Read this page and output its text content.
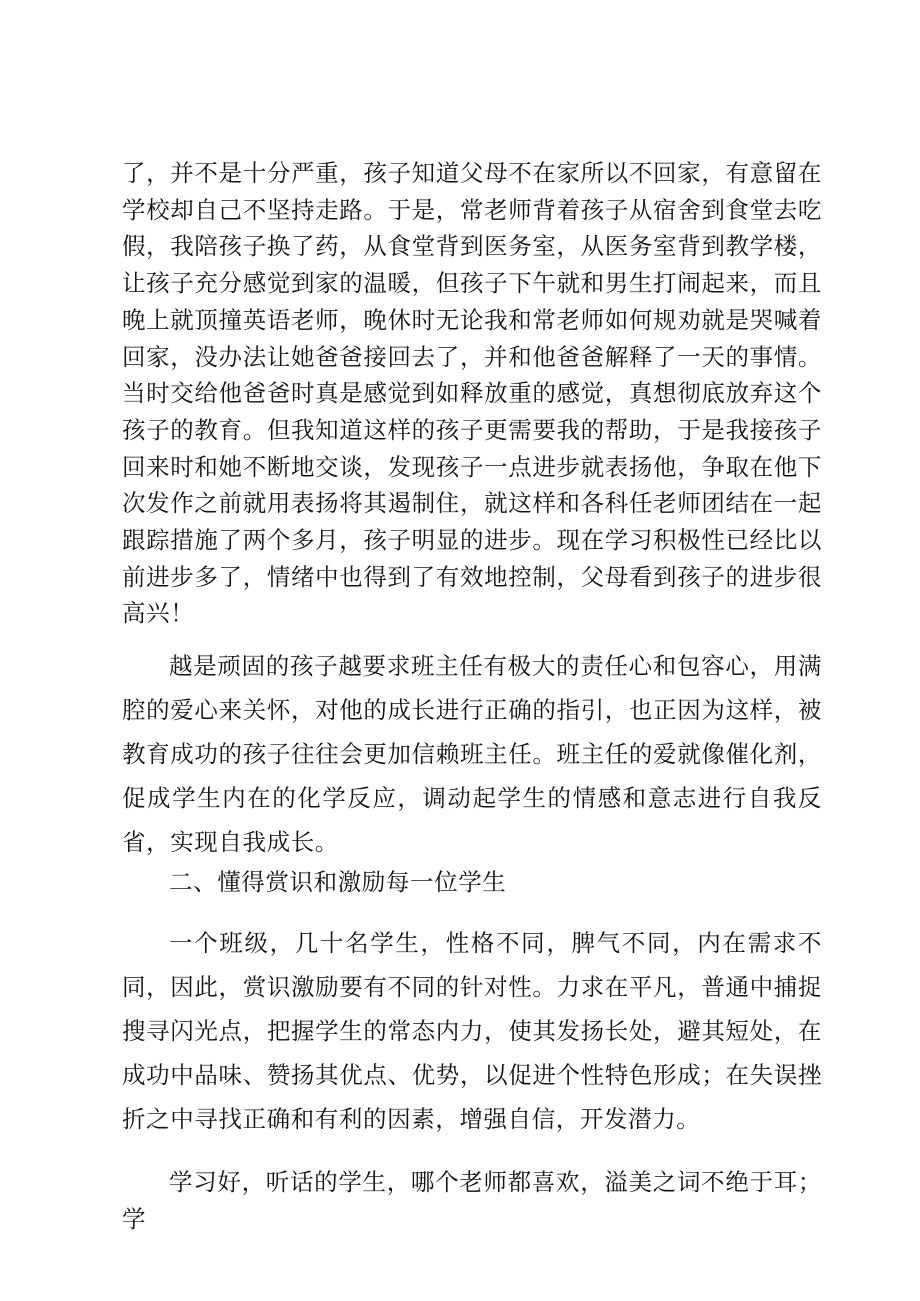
了，并不是十分严重，孩子知道父母不在家所以不回家，有意留在学校却自己不坚持走路。于是，常老师背着孩子从宿舍到食堂去吃假，我陪孩子换了药，从食堂背到医务室，从医务室背到教学楼，让孩子充分感觉到家的温暖，但孩子下午就和男生打闹起来，而且晚上就顶撞英语老师，晚休时无论我和常老师如何规劝就是哭喊着回家，没办法让她爸爸接回去了，并和他爸爸解释了一天的事情。当时交给他爸爸时真是感觉到如释放重的感觉，真想彻底放弃这个孩子的教育。但我知道这样的孩子更需要我的帮助，于是我接孩子回来时和她不断地交谈，发现孩子一点进步就表扬他，争取在他下次发作之前就用表扬将其遏制住，就这样和各科任老师团结在一起跟踪措施了两个多月，孩子明显的进步。现在学习积极性已经比以前进步多了，情绪中也得到了有效地控制，父母看到孩子的进步很高兴！

越是顽固的孩子越要求班主任有极大的责任心和包容心，用满腔的爱心来关怀，对他的成长进行正确的指引，也正因为这样，被教育成功的孩子往往会更加信赖班主任。班主任的爱就像催化剂，促成学生内在的化学反应，调动起学生的情感和意志进行自我反省，实现自我成长。

二、懂得赏识和激励每一位学生

一个班级，几十名学生，性格不同，脾气不同，内在需求不同，因此，赏识激励要有不同的针对性。力求在平凡，普通中捕捉搜寻闪光点，把握学生的常态内力，使其发扬长处，避其短处，在成功中品味、赞扬其优点、优势，以促进个性特色形成；在失误挫折之中寻找正确和有利的因素，增强自信，开发潜力。

学习好，听话的学生，哪个老师都喜欢，溢美之词不绝于耳；学
